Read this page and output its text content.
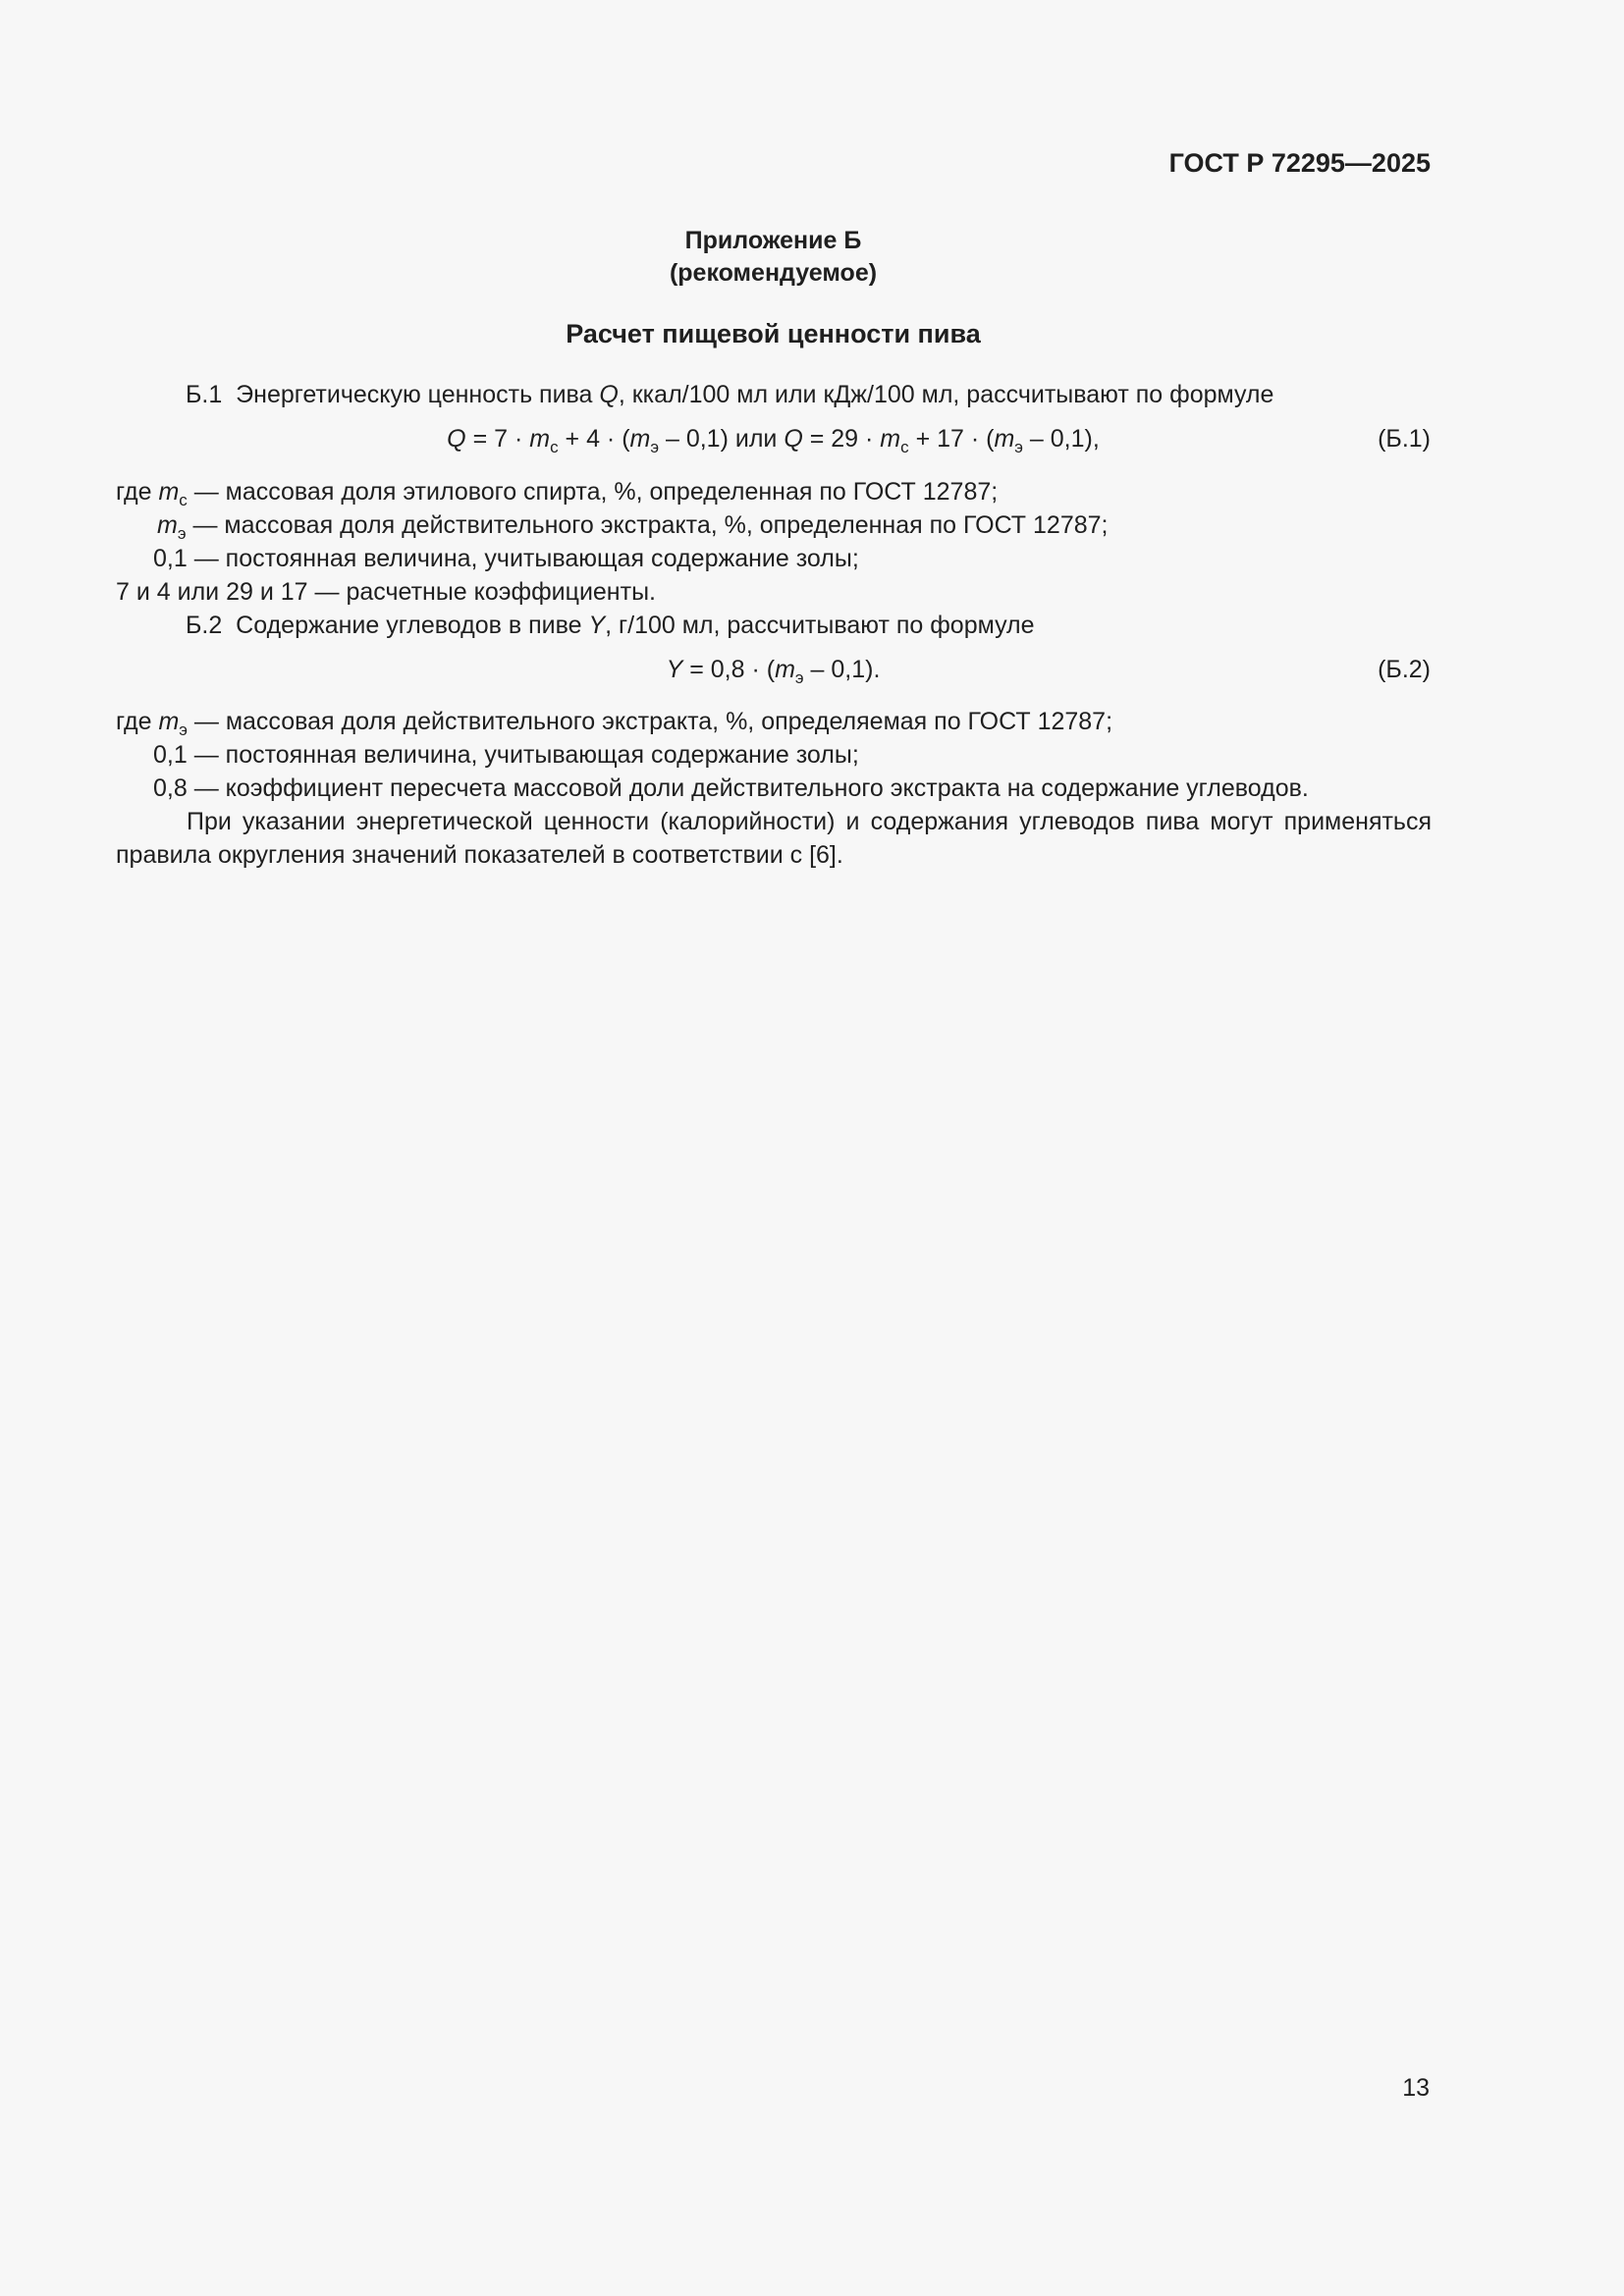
ГОСТ Р 72295—2025
Приложение Б
(рекомендуемое)
Расчет пищевой ценности пива
Б.1 Энергетическую ценность пива Q, ккал/100 мл или кДж/100 мл, рассчитывают по формуле
$Q = 7 \cdot m_с + 4 \cdot (m_э - 0,1)$ или $Q = 29 \cdot m_с + 17 \cdot (m_э - 0,1)$,	(Б.1)
где $m_с$ — массовая доля этилового спирта, %, определенная по ГОСТ 12787;
$m_э$ — массовая доля действительного экстракта, %, определенная по ГОСТ 12787;
0,1 — постоянная величина, учитывающая содержание золы;
7 и 4 или 29 и 17 — расчетные коэффициенты.
Б.2 Содержание углеводов в пиве Y, г/100 мл, рассчитывают по формуле
$Y = 0,8 \cdot (m_э - 0,1)$.	(Б.2)
где $m_э$ — массовая доля действительного экстракта, %, определяемая по ГОСТ 12787;
0,1 — постоянная величина, учитывающая содержание золы;
0,8 — коэффициент пересчета массовой доли действительного экстракта на содержание углеводов.
При указании энергетической ценности (калорийности) и содержания углеводов пива могут применяться правила округления значений показателей в соответствии с [6].
13
